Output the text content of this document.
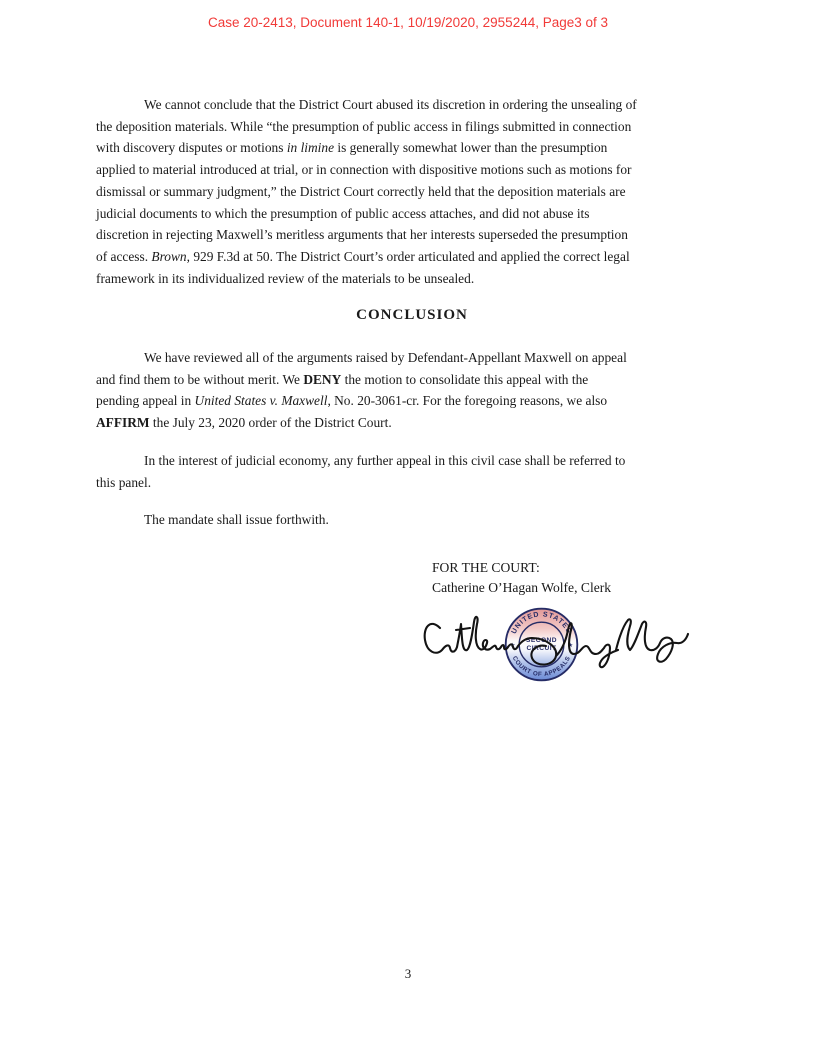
Case 20-2413, Document 140-1, 10/19/2020, 2955244, Page3 of 3
We cannot conclude that the District Court abused its discretion in ordering the unsealing of
the deposition materials. While “the presumption of public access in filings submitted in connection
with discovery disputes or motions in limine is generally somewhat lower than the presumption
applied to material introduced at trial, or in connection with dispositive motions such as motions for
dismissal or summary judgment,” the District Court correctly held that the deposition materials are
judicial documents to which the presumption of public access attaches, and did not abuse its
discretion in rejecting Maxwell’s meritless arguments that her interests superseded the presumption
of access. Brown, 929 F.3d at 50. The District Court’s order articulated and applied the correct legal
framework in its individualized review of the materials to be unsealed.
CONCLUSION
We have reviewed all of the arguments raised by Defendant-Appellant Maxwell on appeal
and find them to be without merit. We DENY the motion to consolidate this appeal with the
pending appeal in United States v. Maxwell, No. 20-3061-cr. For the foregoing reasons, we also
AFFIRM the July 23, 2020 order of the District Court.
In the interest of judicial economy, any further appeal in this civil case shall be referred to
this panel.
The mandate shall issue forthwith.
FOR THE COURT:
Catherine O’Hagan Wolfe, Clerk
UNITED STATES
COURT OF APPEALS
★	★
SECOND
CIRCUIT
3
